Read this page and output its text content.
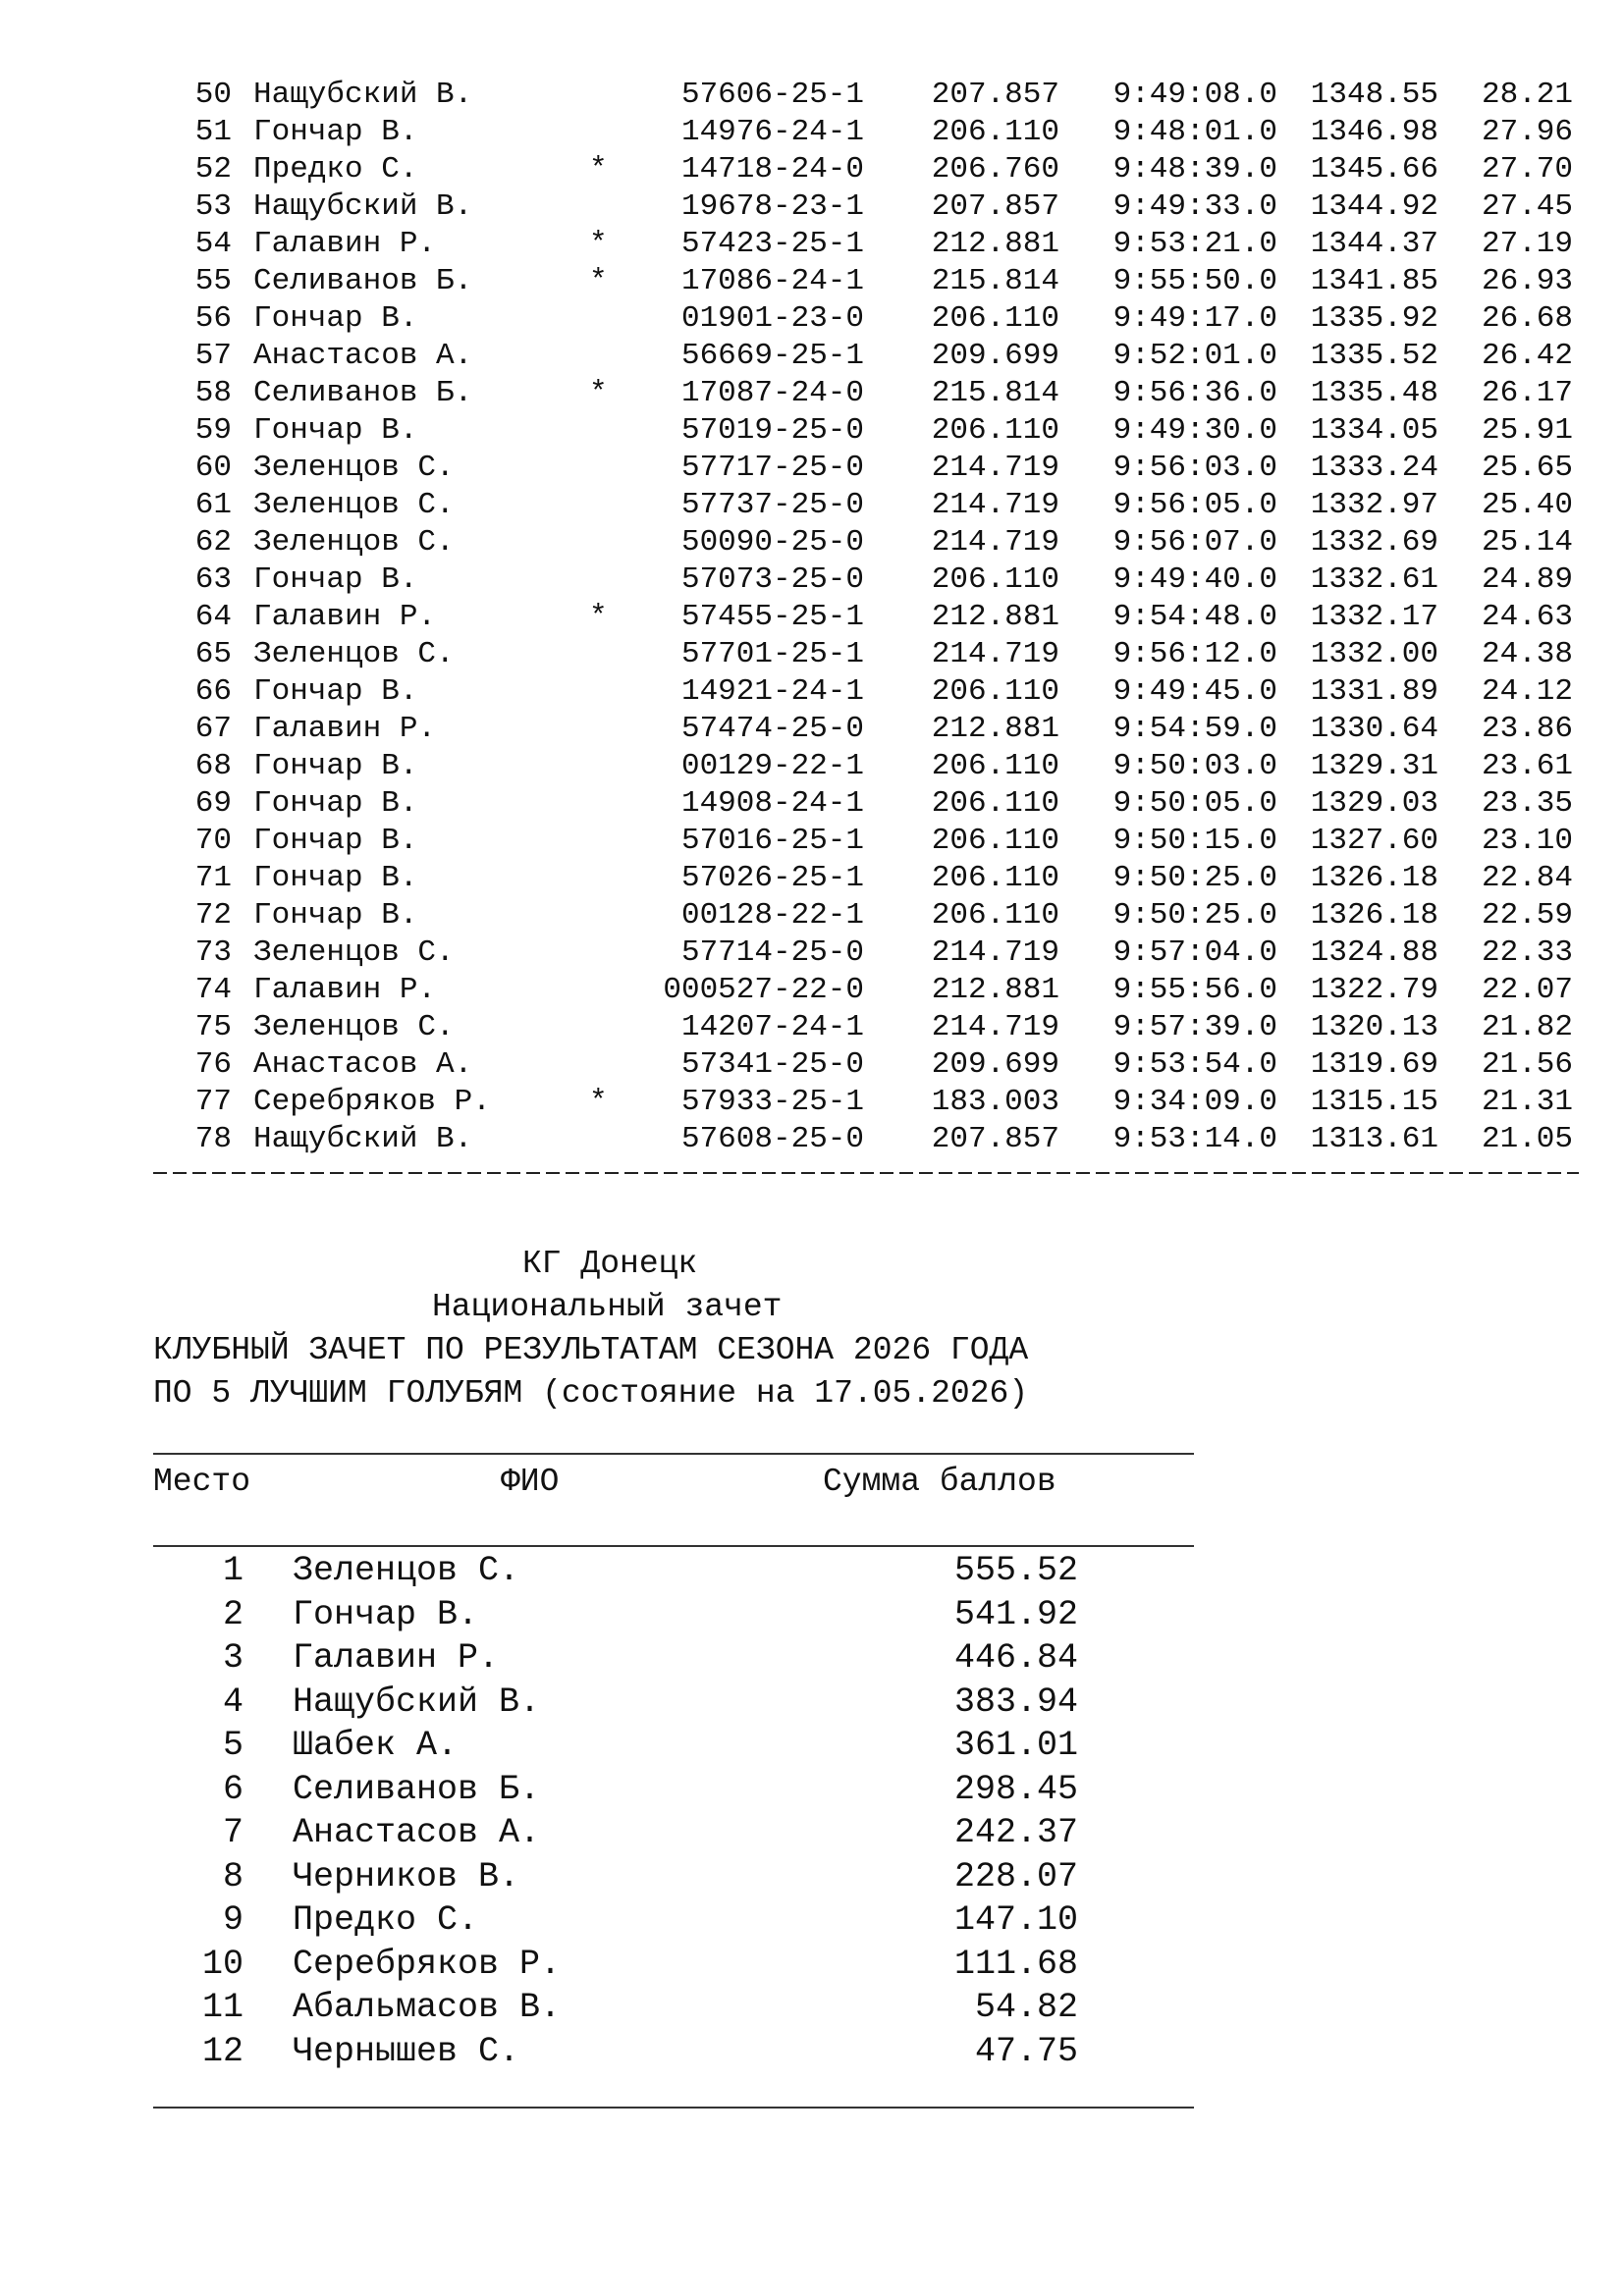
50 Нащубский В.	57606-25-1 207.857 9:49:08.0 1348.55 28.21
51 Гончар В.	14976-24-1 206.110 9:48:01.0 1346.98 27.96
52 Предко С.	* 14718-24-0 206.760 9:48:39.0 1345.66 27.70
53 Нащубский В.	19678-23-1 207.857 9:49:33.0 1344.92 27.45
54 Галавин Р.	* 57423-25-1 212.881 9:53:21.0 1344.37 27.19
55 Селиванов Б.	* 17086-24-1 215.814 9:55:50.0 1341.85 26.93
56 Гончар В.	01901-23-0 206.110 9:49:17.0 1335.92 26.68
57 Анастасов А.	56669-25-1 209.699 9:52:01.0 1335.52 26.42
58 Селиванов Б.	* 17087-24-0 215.814 9:56:36.0 1335.48 26.17
59 Гончар В.	57019-25-0 206.110 9:49:30.0 1334.05 25.91
60 Зеленцов С.	57717-25-0 214.719 9:56:03.0 1333.24 25.65
61 Зеленцов С.	57737-25-0 214.719 9:56:05.0 1332.97 25.40
62 Зеленцов С.	50090-25-0 214.719 9:56:07.0 1332.69 25.14
63 Гончар В.	57073-25-0 206.110 9:49:40.0 1332.61 24.89
64 Галавин Р.	* 57455-25-1 212.881 9:54:48.0 1332.17 24.63
65 Зеленцов С.	57701-25-1 214.719 9:56:12.0 1332.00 24.38
66 Гончар В.	14921-24-1 206.110 9:49:45.0 1331.89 24.12
67 Галавин Р.	57474-25-0 212.881 9:54:59.0 1330.64 23.86
68 Гончар В.	00129-22-1 206.110 9:50:03.0 1329.31 23.61
69 Гончар В.	14908-24-1 206.110 9:50:05.0 1329.03 23.35
70 Гончар В.	57016-25-1 206.110 9:50:15.0 1327.60 23.10
71 Гончар В.	57026-25-1 206.110 9:50:25.0 1326.18 22.84
72 Гончар В.	00128-22-1 206.110 9:50:25.0 1326.18 22.59
73 Зеленцов С.	57714-25-0 214.719 9:57:04.0 1324.88 22.33
74 Галавин Р.	000527-22-0 212.881 9:55:56.0 1322.79 22.07
75 Зеленцов С.	14207-24-1 214.719 9:57:39.0 1320.13 21.82
76 Анастасов А.	57341-25-0 209.699 9:53:54.0 1319.69 21.56
77 Серебряков Р.	* 57933-25-1 183.003 9:34:09.0 1315.15 21.31
78 Нащубский В.	57608-25-0 207.857 9:53:14.0 1313.61 21.05
КГ Донецк
Национальный зачет
КЛУБНЫЙ ЗАЧЕТ ПО РЕЗУЛЬТАТАМ СЕЗОНА 2026 ГОДА
ПО 5 ЛУЧШИМ ГОЛУБЯМ (состояние на 17.05.2026)
Место	ФИО	Сумма баллов
1 Зеленцов С.	555.52
2 Гончар В.	541.92
3 Галавин Р.	446.84
4 Нащубский В.	383.94
5 Шабек А.	361.01
6 Селиванов Б.	298.45
7 Анастасов А.	242.37
8 Черников В.	228.07
9 Предко С.	147.10
10 Серебряков Р.	111.68
11 Абальмасов В.	54.82
12 Чернышев С.	47.75
